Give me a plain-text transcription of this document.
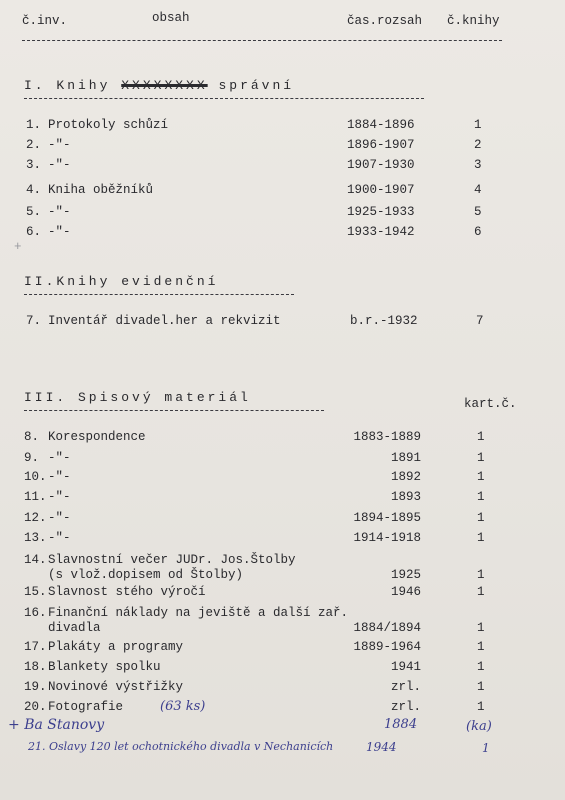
č.inv.	obsah	čas.rozsah č.knihy
I. Knihy XXXXXXXX správní
1. Protokoly schůzí	1884-1896	1
2. -"-	1896-1907	2
3. -"-	1907-1930	3
4. Kniha oběžníků	1900-1907	4
5. -"-	1925-1933	5
6. -"-	1933-1942	6
+
II.Knihy evidenční
7. Inventář divadel.her a rekvizit	b.r.-1932	7
III. Spisový materiál	kart.č.
8. Korespondence	1883-1889	1
9. -"-	1891	1
10. -"-	1892	1
11. -"-	1893	1
12. -"-	1894-1895	1
13. -"-	1914-1918	1
14. Slavnostní večer JUDr. Jos.Štolby
(s vlož.dopisem od Štolby)	1925	1
15. Slavnost stého výročí	1946	1
16. Finanční náklady na jeviště a další zař.
divadla	1884/1894	1
17. Plakáty a programy	1889-1964	1
18. Blankety spolku	1941	1
19. Novinové výstřižky	zrl.	1
20. Fotografie	zrl.	1
(63 ks)
+ Ba Stanovy	1884	(ka)
21. Oslavy 120 let ochotnického divadla v Nechanicích	1944	1
